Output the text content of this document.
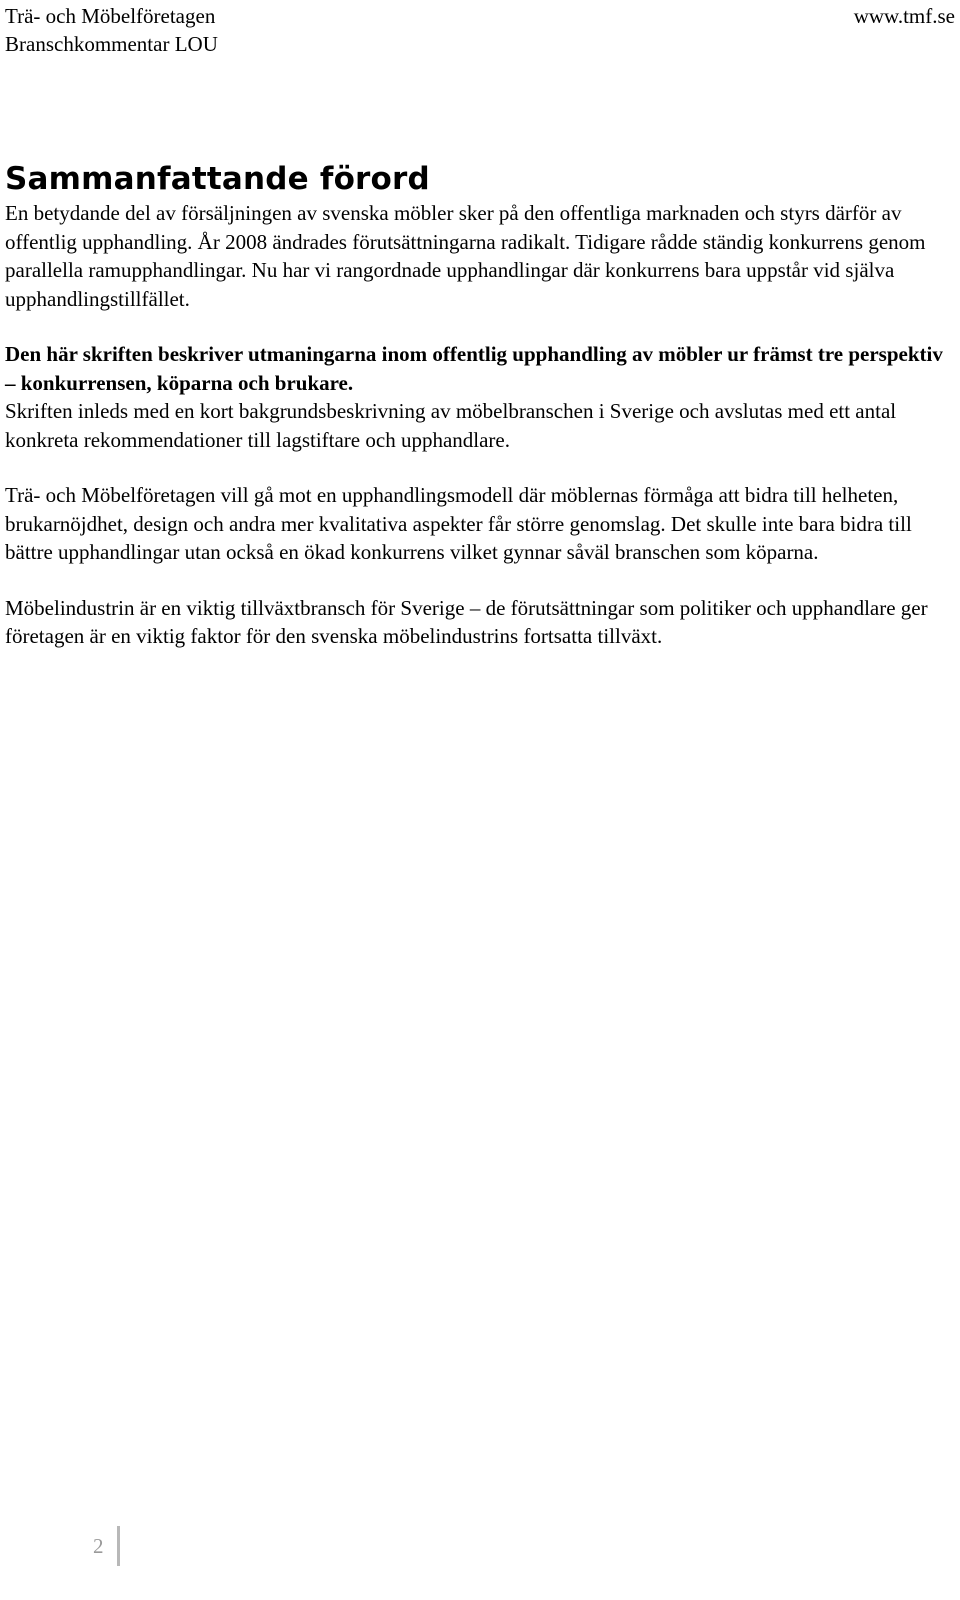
Trä- och Möbelföretagen
Branschkommentar LOU
www.tmf.se
Sammanfattande förord

En betydande del av försäljningen av svenska möbler sker på den offentliga marknaden och styrs därför av offentlig upphandling. År 2008 ändrades förutsättningarna radikalt. Tidigare rådde ständig konkurrens genom parallella ramupphandlingar. Nu har vi rangordnade upphandlingar där konkurrens bara uppstår vid själva upphandlingstillfället.

Den här skriften beskriver utmaningarna inom offentlig upphandling av möbler ur främst tre perspektiv – konkurrensen, köparna och brukare.
Skriften inleds med en kort bakgrundsbeskrivning av möbelbranschen i Sverige och avslutas med ett antal konkreta rekommendationer till lagstiftare och upphandlare.

Trä- och Möbelföretagen vill gå mot en upphandlingsmodell där möblernas förmåga att bidra till helheten, brukarnöjdhet, design och andra mer kvalitativa aspekter får större genomslag. Det skulle inte bara bidra till bättre upphandlingar utan också en ökad konkurrens vilket gynnar såväl branschen som köparna.

Möbelindustrin är en viktig tillväxtbransch för Sverige – de förutsättningar som politiker och upphandlare ger företagen är en viktig faktor för den svenska möbelindustrins fortsatta tillväxt.

2
